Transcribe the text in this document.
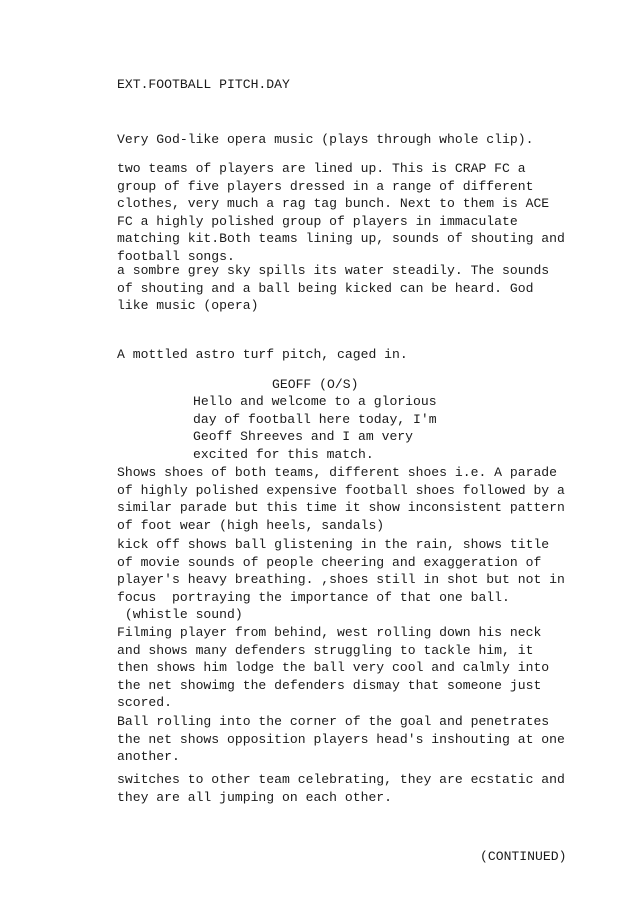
EXT.FOOTBALL PITCH.DAY

Very God-like opera music (plays through whole clip).

two teams of players are lined up. This is CRAP FC a
group of five players dressed in a range of different
clothes, very much a rag tag bunch. Next to them is ACE
FC a highly polished group of players in immaculate
matching kit.Both teams lining up, sounds of shouting and
football songs.

a sombre grey sky spills its water steadily. The sounds
of shouting and a ball being kicked can be heard. God
like music (opera)

A mottled astro turf pitch, caged in.

GEOFF (O/S)

Hello and welcome to a glorious
day of football here today, I'm
Geoff Shreeves and I am very
excited for this match.

Shows shoes of both teams, different shoes i.e. A parade
of highly polished expensive football shoes followed by a
similar parade but this time it show inconsistent pattern
of foot wear (high heels, sandals)

kick off shows ball glistening in the rain, shows title
of movie sounds of people cheering and exaggeration of
player's heavy breathing. ,shoes still in shot but not in
focus  portraying the importance of that one ball.
(whistle sound)

Filming player from behind, west rolling down his neck
and shows many defenders struggling to tackle him, it
then shows him lodge the ball very cool and calmly into
the net showimg the defenders dismay that someone just
scored.

Ball rolling into the corner of the goal and penetrates
the net shows opposition players head's inshouting at one
another.

switches to other team celebrating, they are ecstatic and
they are all jumping on each other.

(CONTINUED)
